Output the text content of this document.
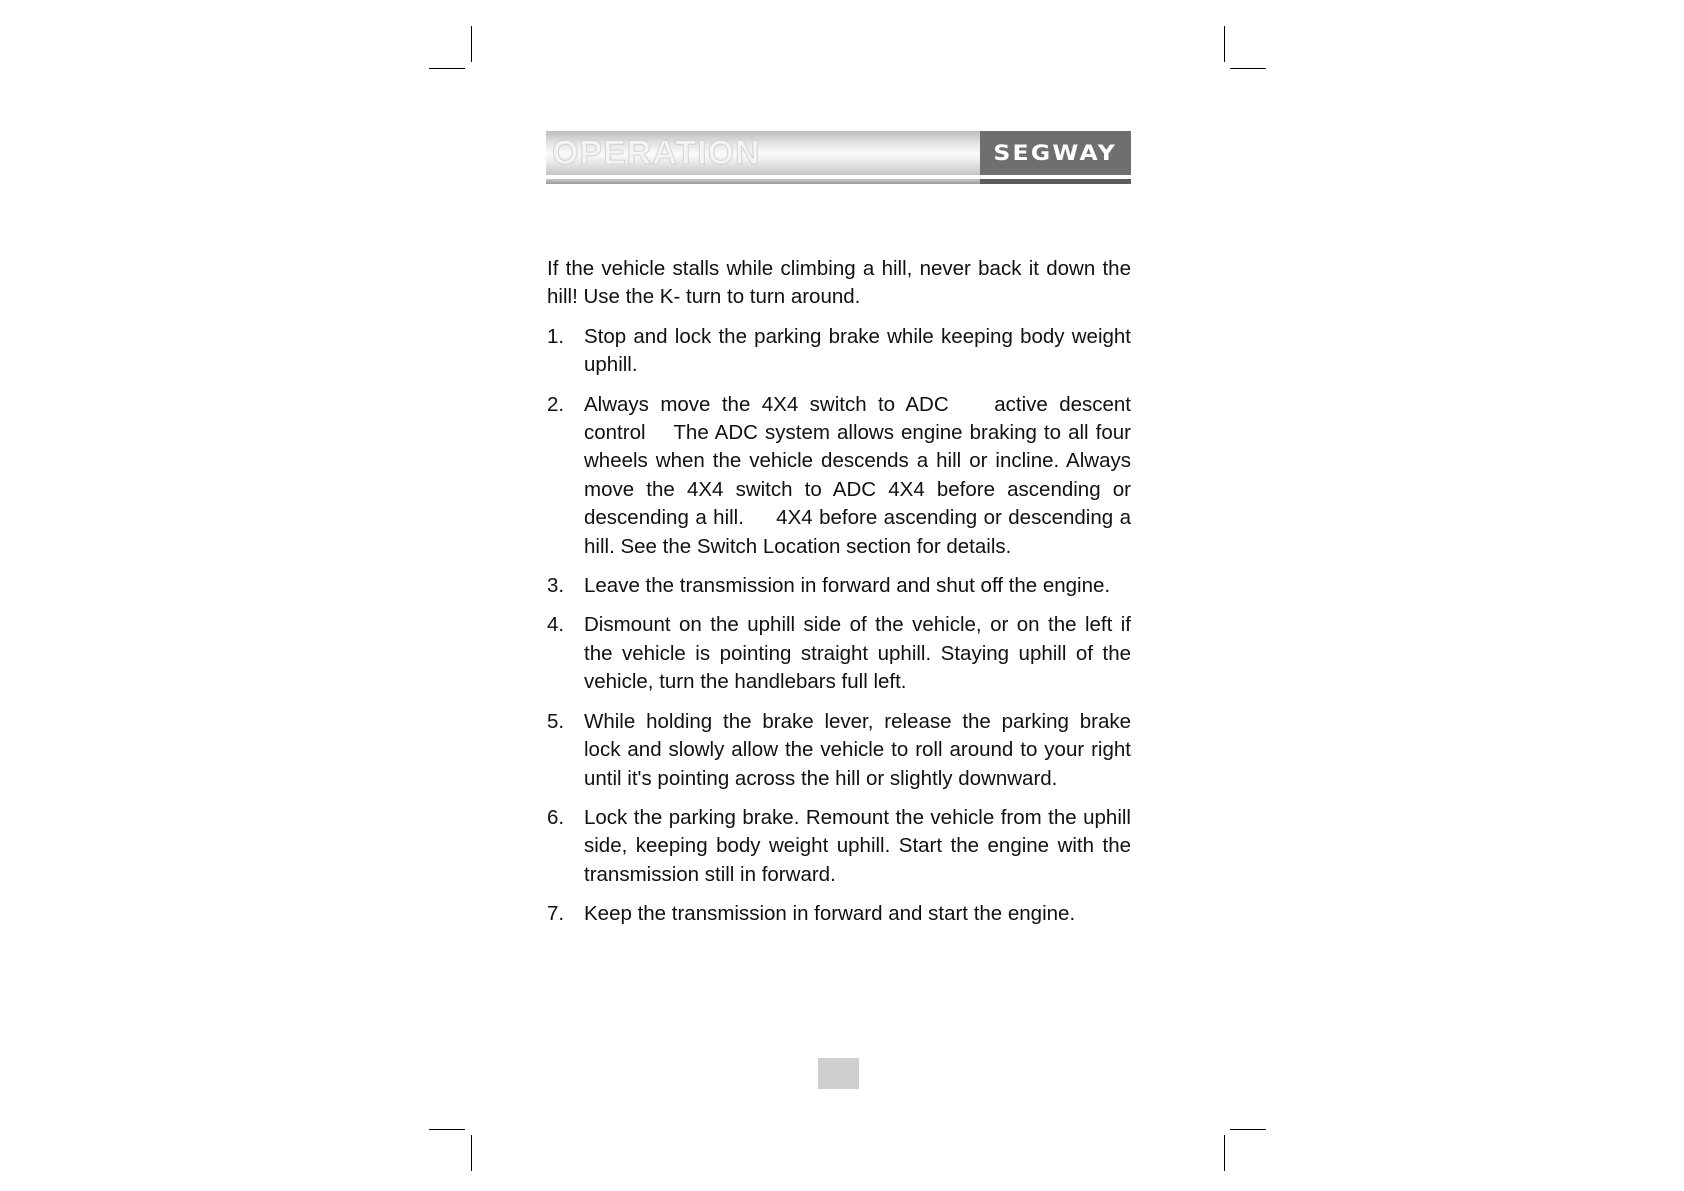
OPERATION	SEGWAY

If the vehicle stalls while climbing a hill, never back it down the hill! Use the K- turn to turn around.

1. Stop and lock the parking brake while keeping body weight uphill.
2. Always move the 4X4 switch to ADC    active descent control    The ADC system allows engine braking to all four wheels when the vehicle descends a hill or incline. Always move the 4X4 switch to ADC 4X4 before ascending or descending a hill.     4X4 before ascending or descending a hill. See the Switch Location section for details.
3. Leave the transmission in forward and shut off the engine.
4. Dismount on the uphill side of the vehicle, or on the left if the vehicle is pointing straight uphill. Staying uphill of the vehicle, turn the handlebars full left.
5. While holding the brake lever, release the parking brake lock and slowly allow the vehicle to roll around to your right until it's pointing across the hill or slightly downward.
6. Lock the parking brake. Remount the vehicle from the uphill side, keeping body weight uphill. Start the engine with the transmission still in forward.
7. Keep the transmission in forward and start the engine.
